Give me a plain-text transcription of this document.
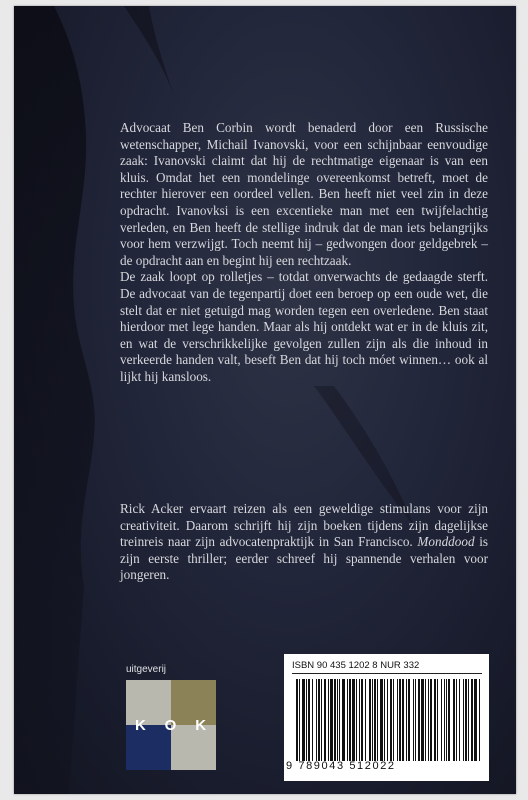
Advocaat Ben Corbin wordt benaderd door een Russische wetenschapper, Michail Ivanovski, voor een schijnbaar eenvoudige zaak: Ivanovski claimt dat hij de rechtmatige eigenaar is van een kluis. Omdat het een mondelinge overeenkomst betreft, moet de rechter hierover een oordeel vellen. Ben heeft niet veel zin in deze opdracht. Ivanovksi is een excentieke man met een twijfelachtig verleden, en Ben heeft de stellige indruk dat de man iets belangrijks voor hem verzwijgt. Toch neemt hij – gedwongen door geldgebrek – de opdracht aan en begint hij een rechtzaak.

De zaak loopt op rolletjes – totdat onverwachts de gedaagde sterft. De advocaat van de tegenpartij doet een beroep op een oude wet, die stelt dat er niet getuigd mag worden tegen een overledene. Ben staat hierdoor met lege handen. Maar als hij ontdekt wat er in de kluis zit, en wat de verschrikkelijke gevolgen zullen zijn als die inhoud in verkeerde handen valt, beseft Ben dat hij toch móet winnen… ook al lijkt hij kansloos.

Rick Acker ervaart reizen als een geweldige stimulans voor zijn creativiteit. Daarom schrijft hij zijn boeken tijdens zijn dagelijkse treinreis naar zijn advocatenpraktijk in San Francisco. Monddood is zijn eerste thriller; eerder schreef hij spannende verhalen voor jongeren.

uitgeverij
K O K
ISBN 90 435 1202 8 NUR 332
9 789043 512022
